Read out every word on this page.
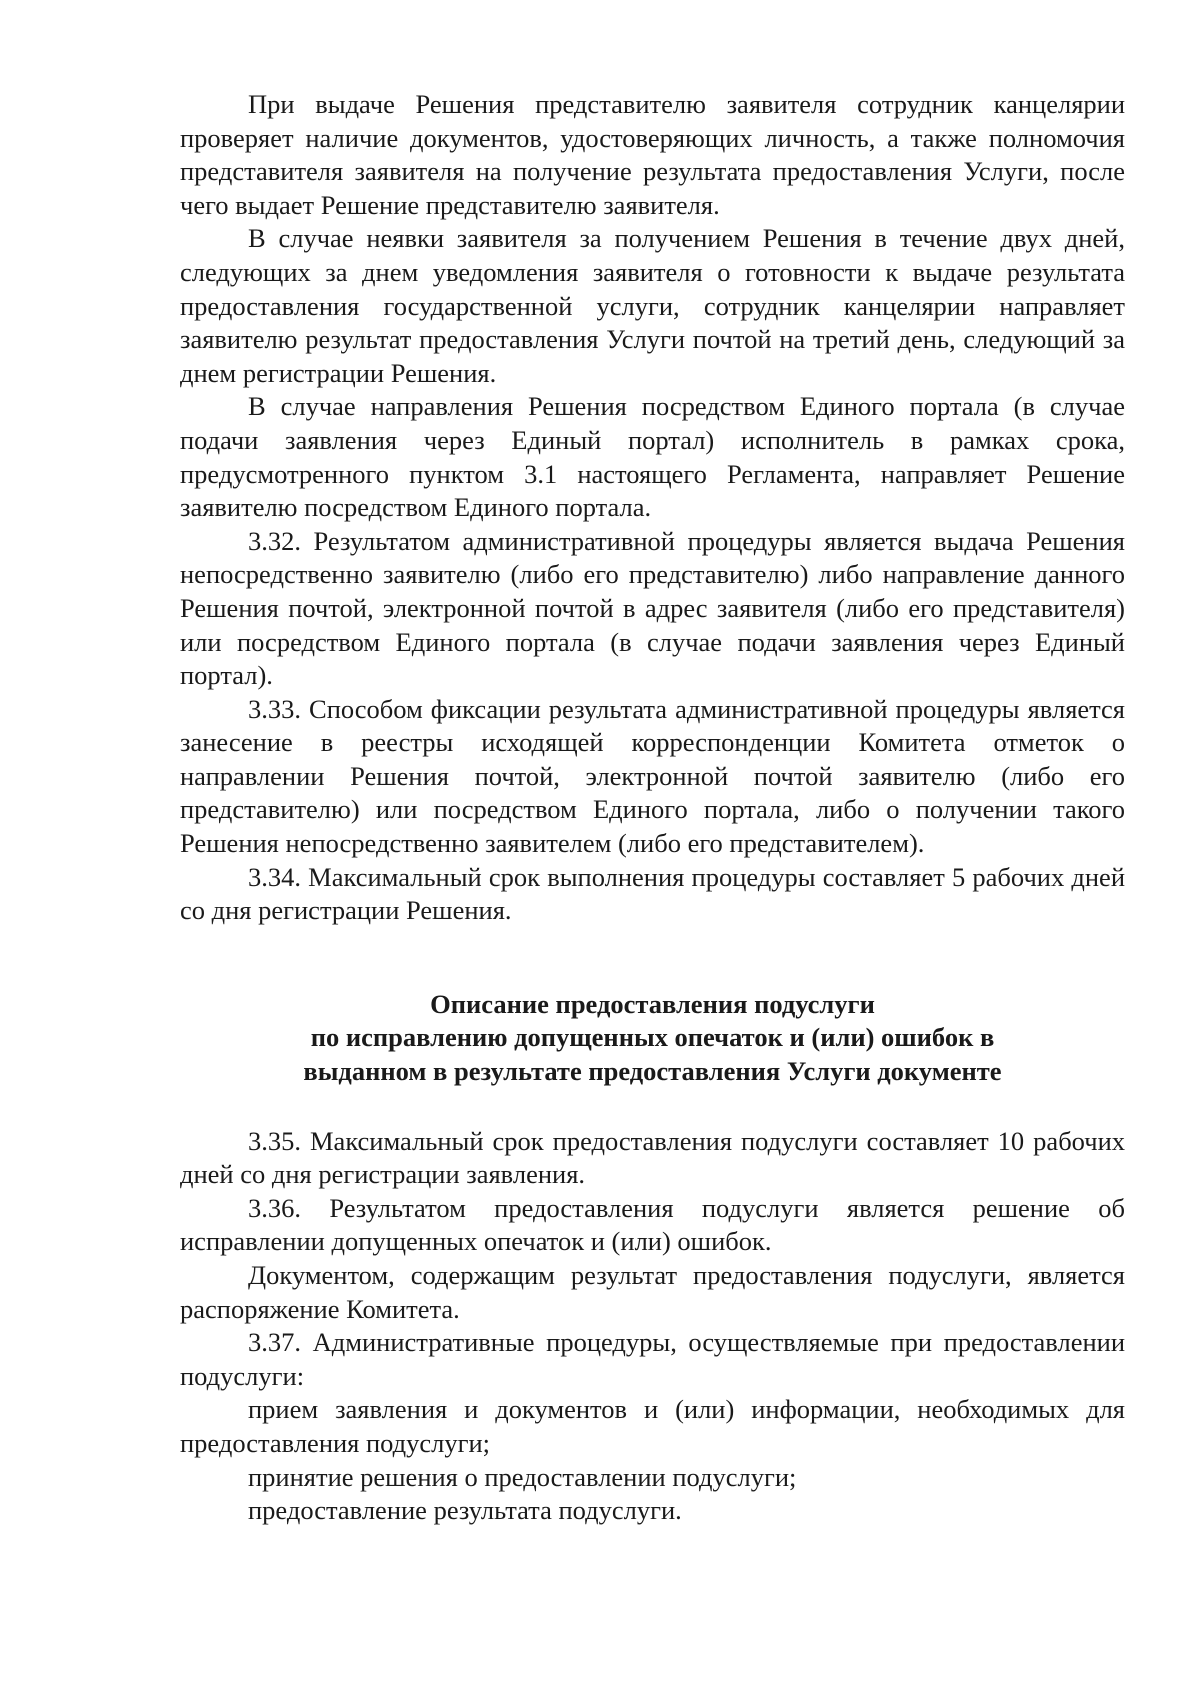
При выдаче Решения представителю заявителя сотрудник канцелярии проверяет наличие документов, удостоверяющих личность, а также полномочия представителя заявителя на получение результата предоставления Услуги, после чего выдает Решение представителю заявителя.

В случае неявки заявителя за получением Решения в течение двух дней, следующих за днем уведомления заявителя о готовности к выдаче результата предоставления государственной услуги, сотрудник канцелярии направляет заявителю результат предоставления Услуги почтой на третий день, следующий за днем регистрации Решения.

В случае направления Решения посредством Единого портала (в случае подачи заявления через Единый портал) исполнитель в рамках срока, предусмотренного пунктом 3.1 настоящего Регламента, направляет Решение заявителю посредством Единого портала.

3.32. Результатом административной процедуры является выдача Решения непосредственно заявителю (либо его представителю) либо направление данного Решения почтой, электронной почтой в адрес заявителя (либо его представителя) или посредством Единого портала (в случае подачи заявления через Единый портал).

3.33. Способом фиксации результата административной процедуры является занесение в реестры исходящей корреспонденции Комитета отметок о направлении Решения почтой, электронной почтой заявителю (либо его представителю) или посредством Единого портала, либо о получении такого Решения непосредственно заявителем (либо его представителем).

3.34. Максимальный срок выполнения процедуры составляет 5 рабочих дней со дня регистрации Решения.

Описание предоставления подуслуги
по исправлению допущенных опечаток и (или) ошибок в
выданном в результате предоставления Услуги документе

3.35. Максимальный срок предоставления подуслуги составляет 10 рабочих дней со дня регистрации заявления.

3.36. Результатом предоставления подуслуги является решение об исправлении допущенных опечаток и (или) ошибок.

Документом, содержащим результат предоставления подуслуги, является распоряжение Комитета.

3.37. Административные процедуры, осуществляемые при предоставлении подуслуги:

прием заявления и документов и (или) информации, необходимых для предоставления подуслуги;

принятие решения о предоставлении подуслуги;

предоставление результата подуслуги.
